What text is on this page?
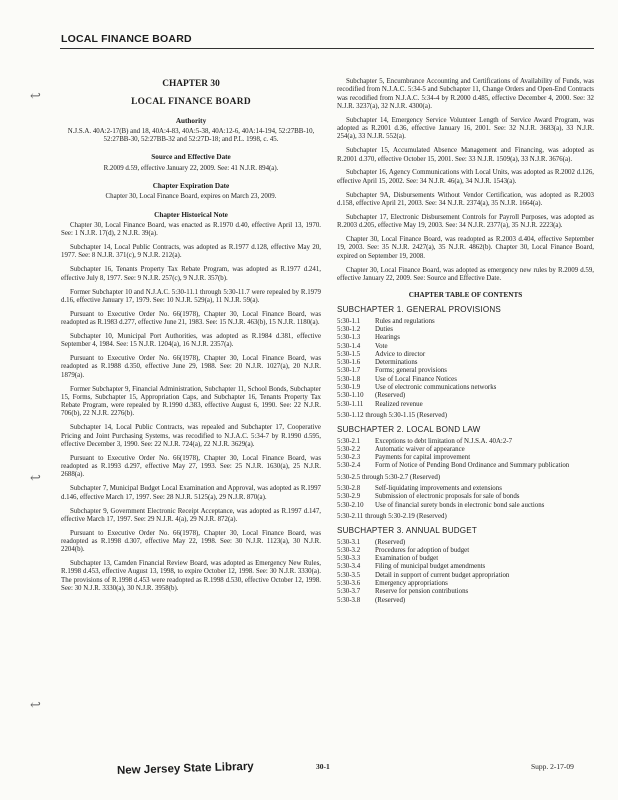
LOCAL FINANCE BOARD
↩
↩
↩
CHAPTER 30
LOCAL FINANCE BOARD
Authority
N.J.S.A. 40A:2-17(B) and 18, 40A:4-83, 40A:5-38, 40A:12-6, 40A:14-194, 52:27BB-10, 52:27BB-30, 52:27BB-32 and 52:27D-18; and P.L. 1998, c. 45.
Source and Effective Date
R.2009 d.59, effective January 22, 2009. See: 41 N.J.R. 894(a).
Chapter Expiration Date
Chapter 30, Local Finance Board, expires on March 23, 2009.
Chapter Historical Note

Chapter 30, Local Finance Board, was enacted as R.1970 d.40, effective April 13, 1970. See: 1 N.J.R. 17(d), 2 N.J.R. 39(a).

Subchapter 14, Local Public Contracts, was adopted as R.1977 d.128, effective May 20, 1977. See: 8 N.J.R. 371(c), 9 N.J.R. 212(a).

Subchapter 16, Tenants Property Tax Rebate Program, was adopted as R.1977 d.241, effective July 8, 1977. See: 9 N.J.R. 257(c), 9 N.J.R. 357(b).

Former Subchapter 10 and N.J.A.C. 5:30-11.1 through 5:30-11.7 were repealed by R.1979 d.16, effective January 17, 1979. See: 10 N.J.R. 529(a), 11 N.J.R. 59(a).

Pursuant to Executive Order No. 66(1978), Chapter 30, Local Finance Board, was readopted as R.1983 d.277, effective June 21, 1983. See: 15 N.J.R. 463(b), 15 N.J.R. 1180(a).

Subchapter 10, Municipal Port Authorities, was adopted as R.1984 d.381, effective September 4, 1984. See: 15 N.J.R. 1204(a), 16 N.J.R. 2357(a).

Pursuant to Executive Order No. 66(1978), Chapter 30, Local Finance Board, was readopted as R.1988 d.350, effective June 29, 1988. See: 20 N.J.R. 1027(a), 20 N.J.R. 1879(a).

Former Subchapter 9, Financial Administration, Subchapter 11, School Bonds, Subchapter 15, Forms, Subchapter 15, Appropriation Caps, and Subchapter 16, Tenants Property Tax Rebate Program, were repealed by R.1990 d.383, effective August 6, 1990. See: 22 N.J.R. 706(b), 22 N.J.R. 2276(b).

Subchapter 14, Local Public Contracts, was repealed and Subchapter 17, Cooperative Pricing and Joint Purchasing Systems, was recodified to N.J.A.C. 5:34-7 by R.1990 d.595, effective December 3, 1990. See: 22 N.J.R. 724(a), 22 N.J.R. 3629(a).

Pursuant to Executive Order No. 66(1978), Chapter 30, Local Finance Board, was readopted as R.1993 d.297, effective May 27, 1993. See: 25 N.J.R. 1630(a), 25 N.J.R. 2688(a).

Subchapter 7, Municipal Budget Local Examination and Approval, was adopted as R.1997 d.146, effective March 17, 1997. See: 28 N.J.R. 5125(a), 29 N.J.R. 870(a).

Subchapter 9, Government Electronic Receipt Acceptance, was adopted as R.1997 d.147, effective March 17, 1997. See: 29 N.J.R. 4(a), 29 N.J.R. 872(a).

Pursuant to Executive Order No. 66(1978), Chapter 30, Local Finance Board, was readopted as R.1998 d.307, effective May 22, 1998. See: 30 N.J.R. 1123(a), 30 N.J.R. 2204(b).

Subchapter 13, Camden Financial Review Board, was adopted as Emergency New Rules, R.1998 d.453, effective August 13, 1998, to expire October 12, 1998. See: 30 N.J.R. 3330(a). The provisions of R.1998 d.453 were readopted as R.1998 d.530, effective October 12, 1998. See: 30 N.J.R. 3330(a), 30 N.J.R. 3958(b).

Subchapter 5, Encumbrance Accounting and Certifications of Availability of Funds, was recodified from N.J.A.C. 5:34-5 and Subchapter 11, Change Orders and Open-End Contracts was recodified from N.J.A.C. 5:34-4 by R.2000 d.485, effective December 4, 2000. See: 32 N.J.R. 3237(a), 32 N.J.R. 4300(a).

Subchapter 14, Emergency Service Volunteer Length of Service Award Program, was adopted as R.2001 d.36, effective January 16, 2001. See: 32 N.J.R. 3683(a), 33 N.J.R. 254(a), 33 N.J.R. 552(a).

Subchapter 15, Accumulated Absence Management and Financing, was adopted as R.2001 d.370, effective October 15, 2001. See: 33 N.J.R. 1509(a), 33 N.J.R. 3676(a).

Subchapter 16, Agency Communications with Local Units, was adopted as R.2002 d.126, effective April 15, 2002. See: 34 N.J.R. 46(a), 34 N.J.R. 1543(a).

Subchapter 9A, Disbursements Without Vendor Certification, was adopted as R.2003 d.158, effective April 21, 2003. See: 34 N.J.R. 2374(a), 35 N.J.R. 1664(a).

Subchapter 17, Electronic Disbursement Controls for Payroll Purposes, was adopted as R.2003 d.205, effective May 19, 2003. See: 34 N.J.R. 2377(a), 35 N.J.R. 2223(a).

Chapter 30, Local Finance Board, was readopted as R.2003 d.404, effective September 19, 2003. See: 35 N.J.R. 2427(a), 35 N.J.R. 4862(b). Chapter 30, Local Finance Board, expired on September 19, 2008.

Chapter 30, Local Finance Board, was adopted as emergency new rules by R.2009 d.59, effective January 22, 2009. See: Source and Effective Date.

CHAPTER TABLE OF CONTENTS
SUBCHAPTER 1. GENERAL PROVISIONS
5:30-1.1	Rules and regulations
5:30-1.2	Duties
5:30-1.3	Hearings
5:30-1.4	Vote
5:30-1.5	Advice to director
5:30-1.6	Determinations
5:30-1.7	Forms; general provisions
5:30-1.8	Use of Local Finance Notices
5:30-1.9	Use of electronic communications networks
5:30-1.10	(Reserved)
5:30-1.11	Realized revenue
5:30-1.12 through 5:30-1.15 (Reserved)
SUBCHAPTER 2. LOCAL BOND LAW
5:30-2.1	Exceptions to debt limitation of N.J.S.A. 40A:2-7
5:30-2.2	Automatic waiver of appearance
5:30-2.3	Payments for capital improvement
5:30-2.4	Form of Notice of Pending Bond Ordinance and Summary publication
5:30-2.5 through 5:30-2.7 (Reserved)
5:30-2.8	Self-liquidating improvements and extensions
5:30-2.9	Submission of electronic proposals for sale of bonds
5:30-2.10	Use of financial surety bonds in electronic bond sale auctions
5:30-2.11 through 5:30-2.19 (Reserved)
SUBCHAPTER 3. ANNUAL BUDGET
5:30-3.1	(Reserved)
5:30-3.2	Procedures for adoption of budget
5:30-3.3	Examination of budget
5:30-3.4	Filing of municipal budget amendments
5:30-3.5	Detail in support of current budget appropriation
5:30-3.6	Emergency appropriations
5:30-3.7	Reserve for pension contributions
5:30-3.8	(Reserved)
New Jersey State Library	30-1	Supp. 2-17-09
